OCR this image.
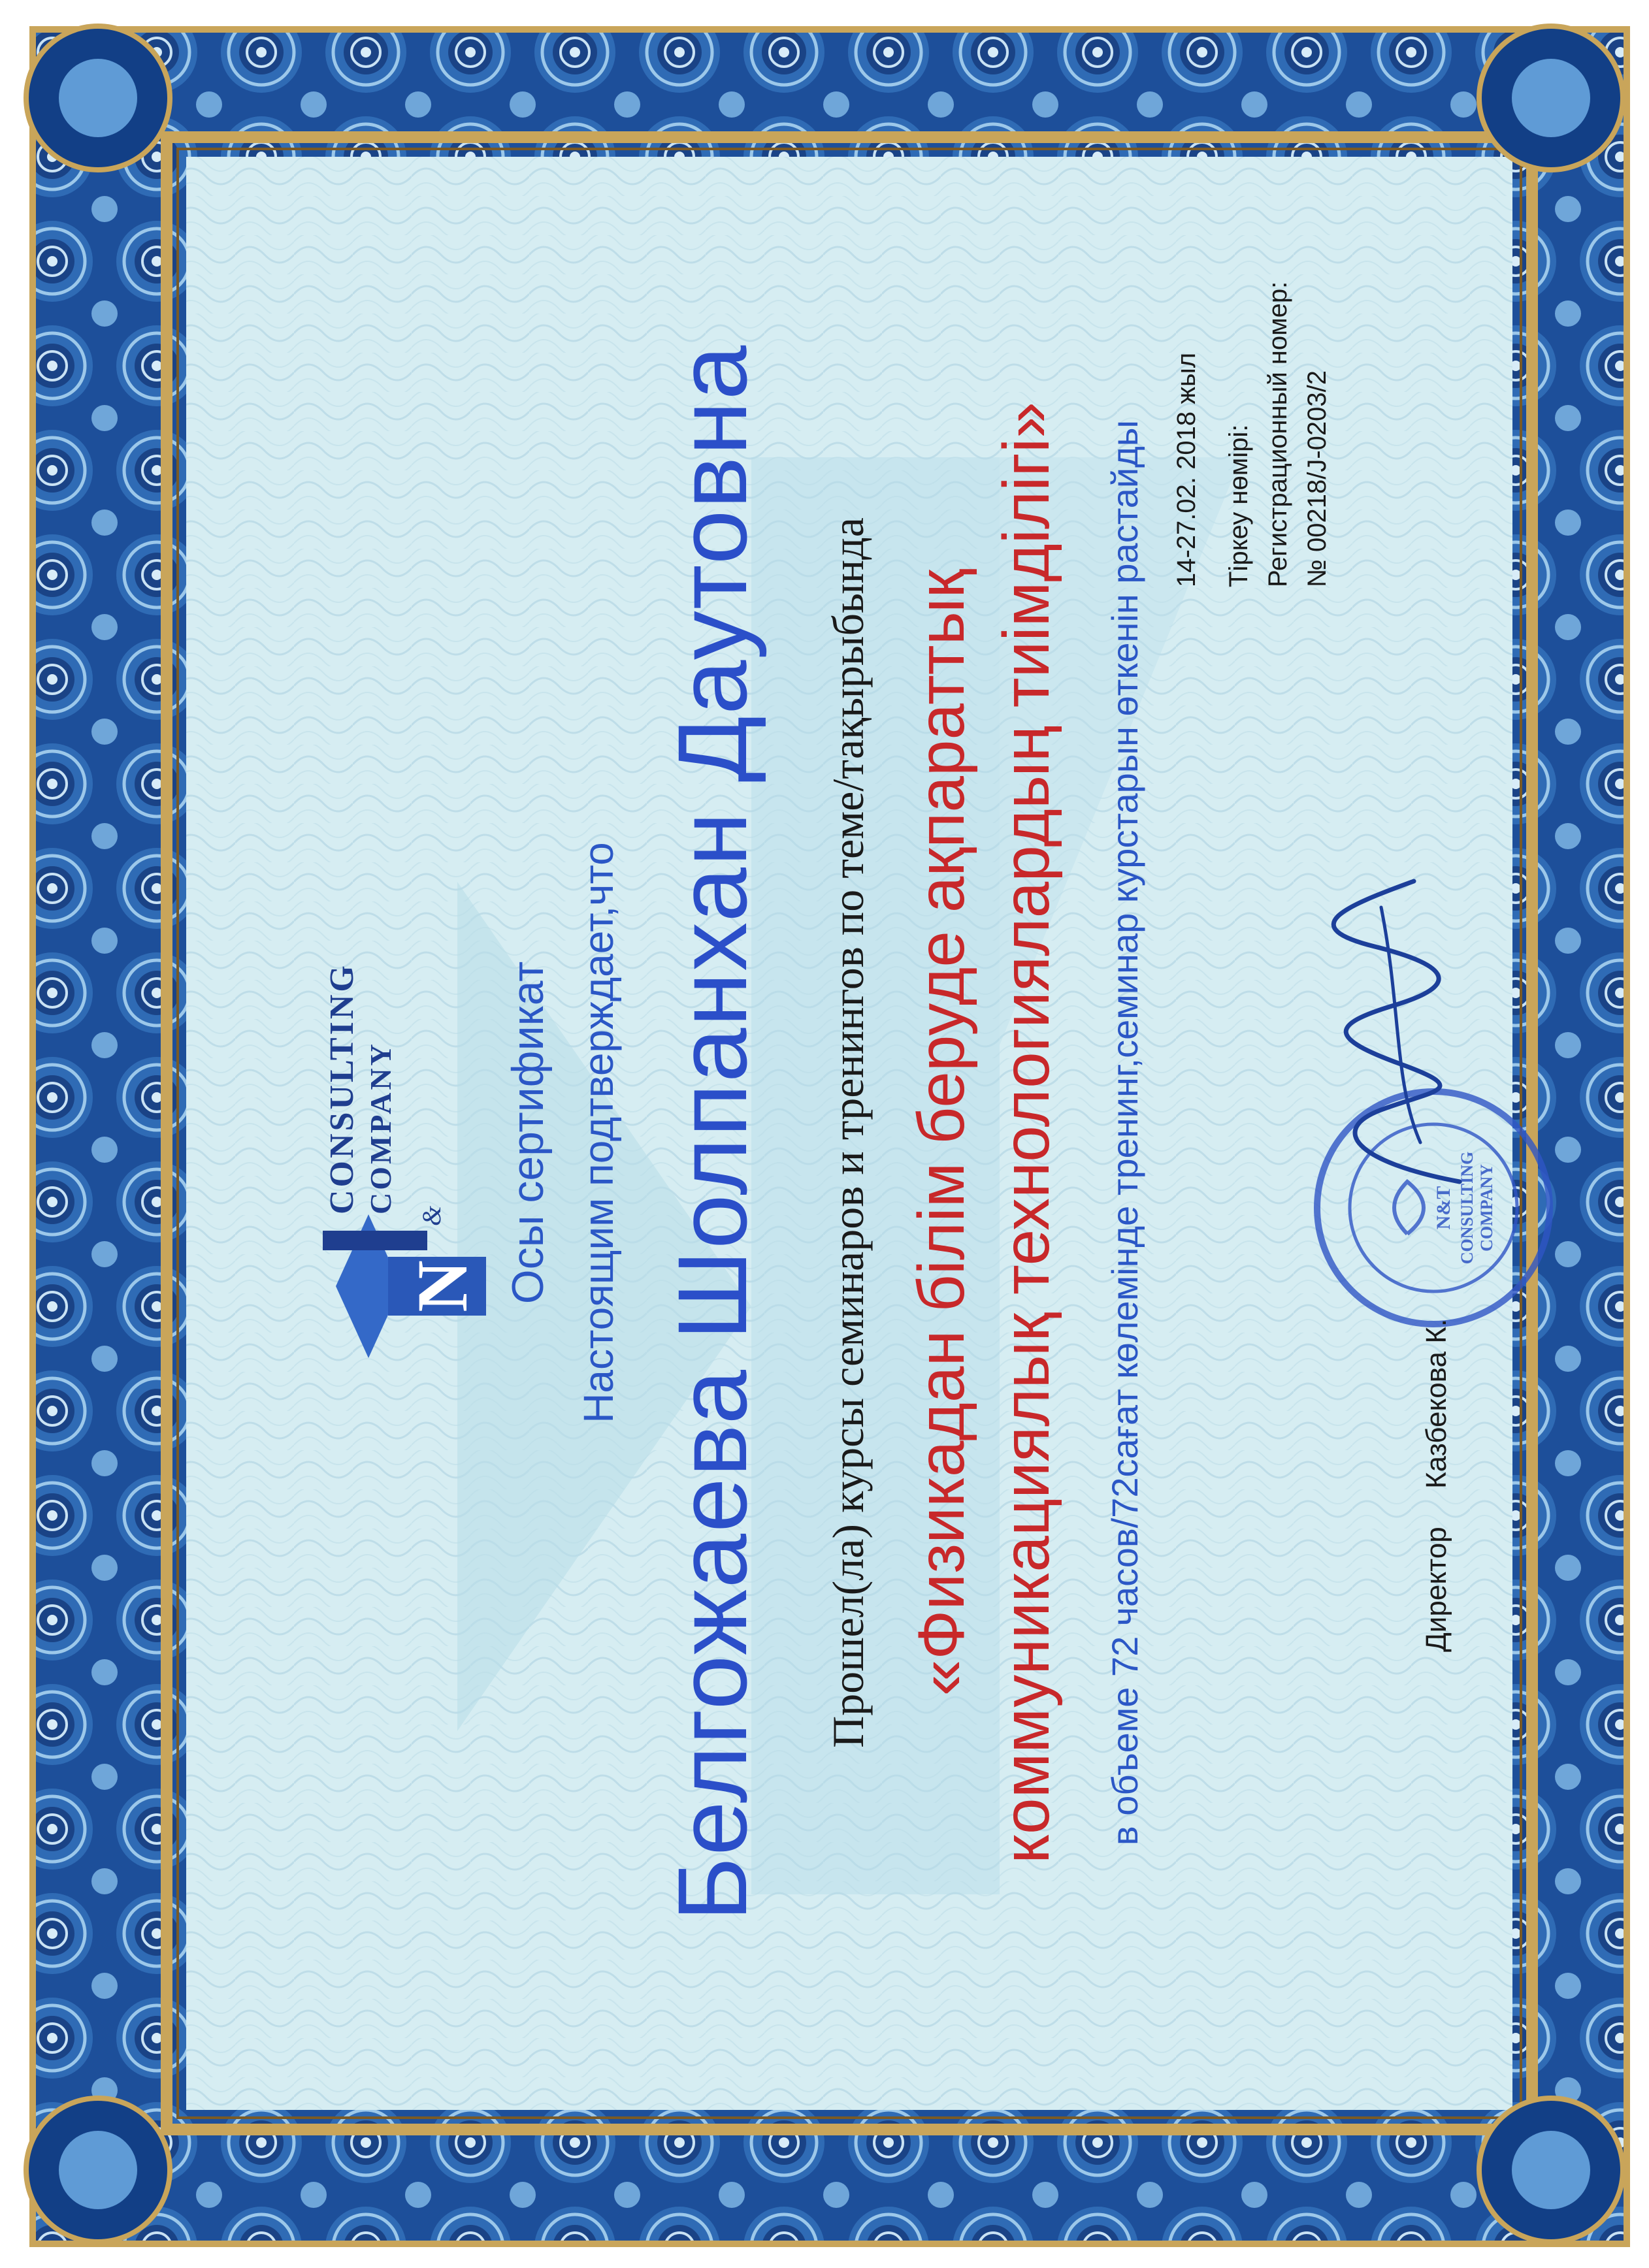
N
&
CONSULTING COMPANY Осы сертификат Настоящим подтверждает,что Белгожаева Шолпанхан Даутовна Прошел(ла) курсы семинаров и тренингов по теме/тақырыбында «Физикадан білім беруде ақпараттық коммуникациялық технологиялардың тиімділігі» в объеме 72 часов/72сағат көлемінде тренинг,семинар курстарын өткенін растайды 14-27.02. 2018 жыл Тіркеу нөмірі: Регистрационный номер: № 00218/J-0203/2
N&T CONSULTING COMPANY
Директор
Казбекова К.
